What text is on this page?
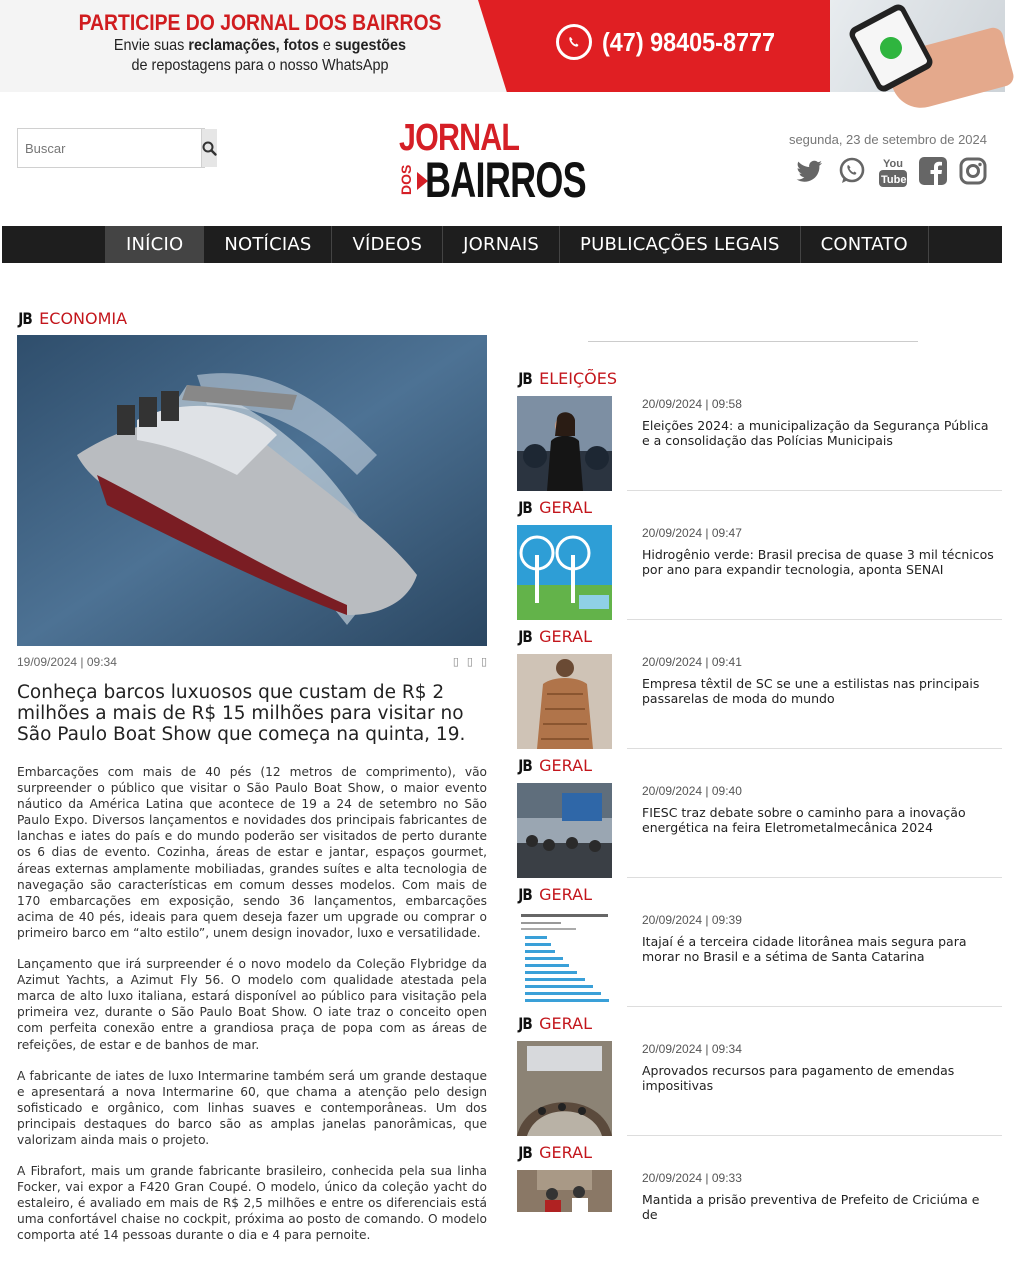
PARTICIPE DO JORNAL DOS BAIRROS
Envie suas reclamações, fotos e sugestões
de repostagens para o nosso WhatsApp
(47) 98405-8777
Buscar
JORNAL
DOS BAIRROS
segunda, 23 de setembro de 2024
You
Tube
INÍCIO	NOTÍCIAS	VÍDEOS	JORNAIS	PUBLICAÇÕES LEGAIS	CONTATO
JB ECONOMIA
19/09/2024 | 09:34	▯ ▯ ▯
Conheça barcos luxuosos que custam de R$ 2 milhões a mais de R$ 15 milhões para visitar no São Paulo Boat Show que começa na quinta, 19.

Embarcações com mais de 40 pés (12 metros de comprimento), vão surpreender o público que visitar o São Paulo Boat Show, o maior evento náutico da América Latina que acontece de 19 a 24 de setembro no São Paulo Expo. Diversos lançamentos e novidades dos principais fabricantes de lanchas e iates do país e do mundo poderão ser visitados de perto durante os 6 dias de evento. Cozinha, áreas de estar e jantar, espaços gourmet, áreas externas amplamente mobiliadas, grandes suítes e alta tecnologia de navegação são características em comum desses modelos. Com mais de 170 embarcações em exposição, sendo 36 lançamentos, embarcações acima de 40 pés, ideais para quem deseja fazer um upgrade ou comprar o primeiro barco em “alto estilo”, unem design inovador, luxo e versatilidade.

Lançamento que irá surpreender é o novo modelo da Coleção Flybridge da Azimut Yachts, a Azimut Fly 56. O modelo com qualidade atestada pela marca de alto luxo italiana, estará disponível ao público para visitação pela primeira vez, durante o São Paulo Boat Show. O iate traz o conceito open com perfeita conexão entre a grandiosa praça de popa com as áreas de refeições, de estar e de banhos de mar.

A fabricante de iates de luxo Intermarine também será um grande destaque e apresentará a nova Intermarine 60, que chama a atenção pelo design sofisticado e orgânico, com linhas suaves e contemporâneas. Um dos principais destaques do barco são as amplas janelas panorâmicas, que valorizam ainda mais o projeto.

A Fibrafort, mais um grande fabricante brasileiro, conhecida pela sua linha Focker, vai expor a F420 Gran Coupé. O modelo, único da coleção yacht do estaleiro, é avaliado em mais de R$ 2,5 milhões e entre os diferenciais está uma confortável chaise no cockpit, próxima ao posto de comando. O modelo comporta até 14 pessoas durante o dia e 4 para pernoite.

JB ELEIÇÕES
20/09/2024 | 09:58
Eleições 2024: a municipalização da Segurança Pública e a consolidação das Polícias Municipais
JB GERAL
20/09/2024 | 09:47
Hidrogênio verde: Brasil precisa de quase 3 mil técnicos por ano para expandir tecnologia, aponta SENAI
JB GERAL
20/09/2024 | 09:41
Empresa têxtil de SC se une a estilistas nas principais passarelas de moda do mundo
JB GERAL
20/09/2024 | 09:40
FIESC traz debate sobre o caminho para a inovação energética na feira Eletrometalmecânica 2024
JB GERAL
20/09/2024 | 09:39
Itajaí é a terceira cidade litorânea mais segura para morar no Brasil e a sétima de Santa Catarina
JB GERAL
20/09/2024 | 09:34
Aprovados recursos para pagamento de emendas impositivas
JB GERAL
20/09/2024 | 09:33
Mantida a prisão preventiva de Prefeito de Criciúma e de
